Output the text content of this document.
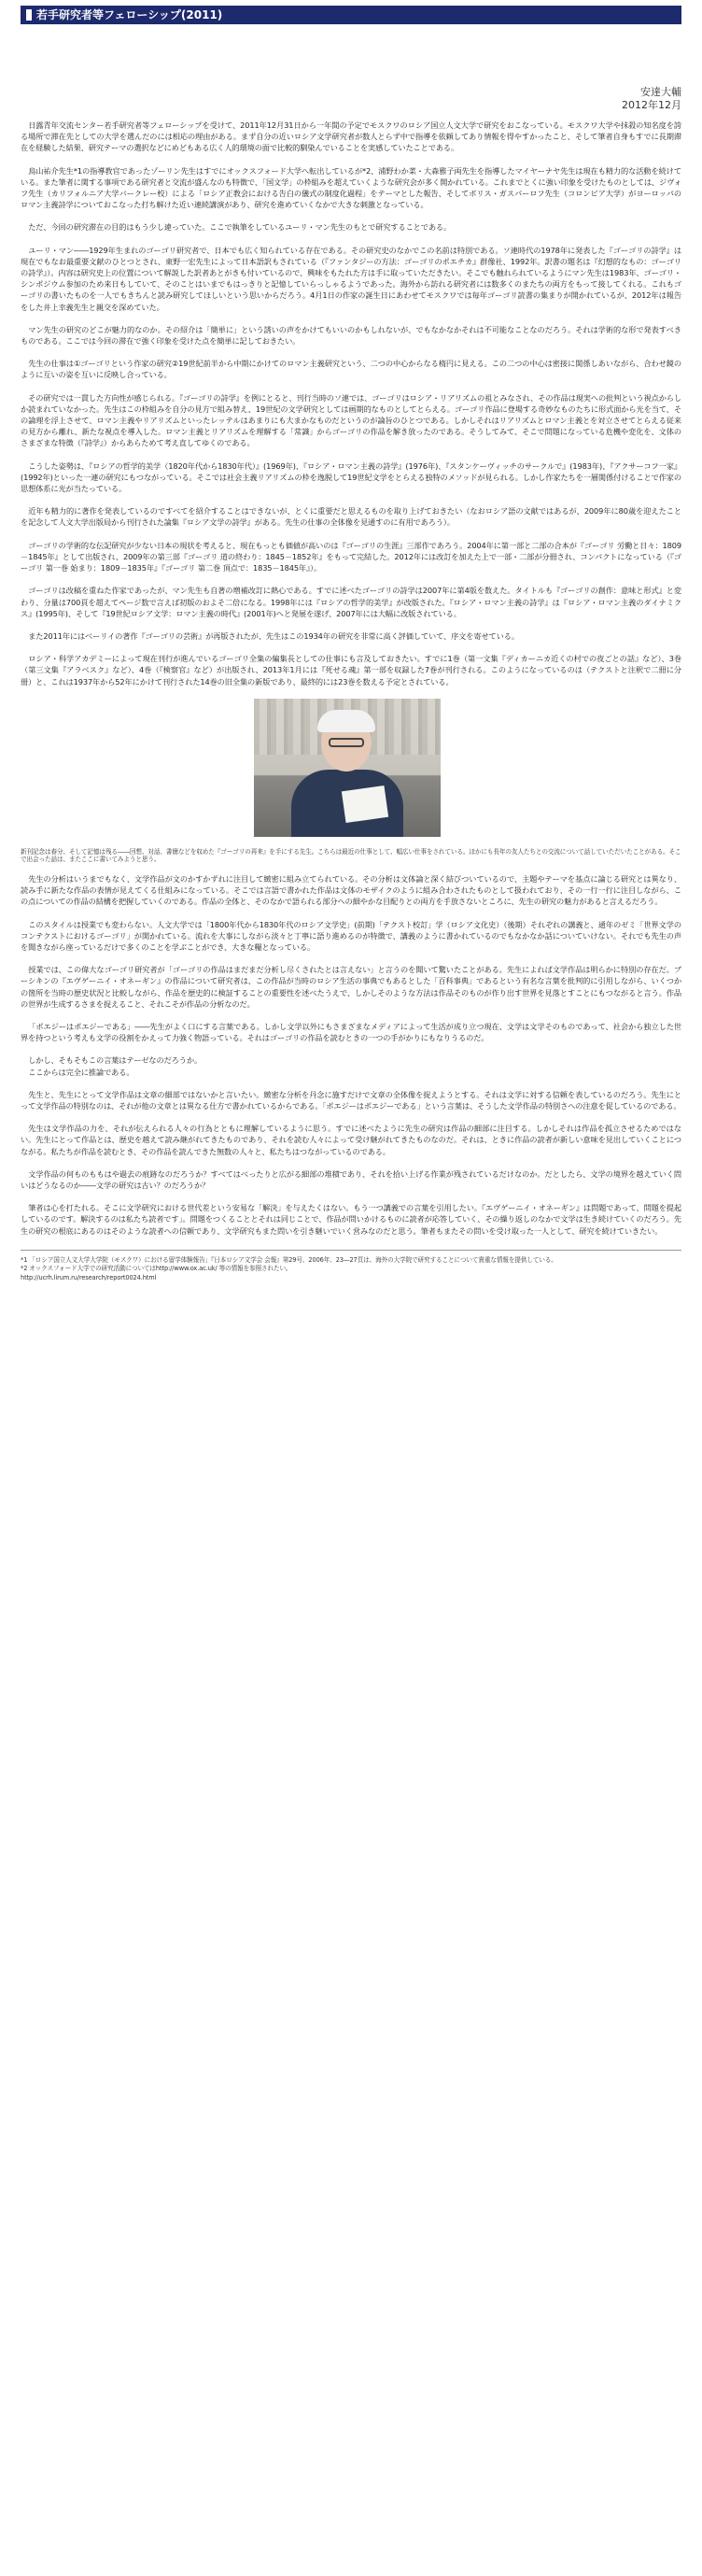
若手研究者等フェローシップ(2011)
安達大輔
2012年12月

日露青年交流センター若手研究者等フェローシップを受けて、2011年12月31日から一年間の予定でモスクワのロシア国立人文大学で研究をおこなっている。モスクワ大学や抹殺の知名度を誇る場所で滞在先としての大学を選んだのには相応の理由がある。まず自分の近いロシア文学研究者が数人とらず中で指導を依頼してあり情報を得やすかったこと、そして筆者自身もすでに長期滞在を経験した結果、研究テーマの選択などにめどもある広く人的環境の面で比較的馴染んでいることを実感していたことである。

鳥山祐介先生*1の指導教官であったゾーリン先生はすでにオックスフォード大学へ転出しているが*2、浦野わか菜・大森雅子両先生を指導したマイヤーナヤ先生は現在も精力的な活動を続けている。また筆者に関する事項である研究者と交流が盛んなのも特徴で、「国文学」の枠組みを超えていくような研究会が多く開かれている。これまでとくに強い印象を受けたものとしては、ジヴォフ先生（カリフォルニア大学バークレー校）による「ロシア正教会における告白の儀式の制度化過程」をテーマとした報告、そしてボリス・ガスパーロフ先生（コロンビア大学）がヨーロッパのロマン主義詩学についておこなった打ち解けた近い連続講演があり、研究を進めていくなかで大きな刺激となっている。

ただ、今回の研究滞在の目的はもう少し違っていた。ここで執筆をしているユーリ・マン先生のもとで研究することである。

ユーリ・マン――1929年生まれのゴーゴリ研究者で、日本でも広く知られている存在である。その研究史のなかでこの名前は特別である。ソ連時代の1978年に発表した『ゴーゴリの詩学』は現在でもなお最重要文献のひとつとされ、東野一宏先生によって日本語訳もされている（『ファンタジーの方法：ゴーゴリのポエチカ』群像社、1992年。訳書の題名は『幻想的なもの：ゴーゴリの詩学』）。内容は研究史上の位置について解説した訳者あとがきも付いているので、興味をもたれた方は手に取っていただきたい。そこでも触れられているようにマン先生は1983年、ゴーゴリ・シンポジウム参加のため来日もしていて、そのことはいまでもはっきりと記憶していらっしゃるようであった。海外から訪れる研究者には数多くのまたちの両方をもって接してくれる。これもゴーゴリの書いたものを一人でもきちんと読み研究してほしいという思いからだろう。4月1日の作家の誕生日にあわせてモスクワでは毎年ゴーゴリ読書の集まりが開かれているが、2012年は報告をした井上幸義先生と親交を深めていた。

マン先生の研究のどこが魅力的なのか。その紹介は「簡単に」という誘いの声をかけてもいいのかもしれないが、でもなかなかそれは不可能なことなのだろう。それは学術的な形で発表すべきものである。ここでは今回の滞在で強く印象を受けた点を簡単に記しておきたい。

先生の仕事は①ゴーゴリという作家の研究②19世紀前半から中期にかけてのロマン主義研究という、二つの中心からなる楕円に見える。この二つの中心は密接に関係しあいながら、合わせ鏡のように互いの姿を互いに反映し合っている。

その研究では一貫した方向性が感じられる。『ゴーゴリの詩学』を例にとると、刊行当時のソ連では、ゴーゴリはロシア・リアリズムの祖とみなされ、その作品は現実への批判という視点からしか読まれていなかった。先生はこの枠組みを自分の見方で組み替え、19世紀の文学研究としては画期的なものとしてとらえる。ゴーゴリ作品に登場する奇妙なものたちに形式面から光を当て、その論理を浮上させて、ロマン主義やリアリズムといったレッテルはあまりにも大まかなものだというのが論旨のひとつである。しかしそれはリアリズムとロマン主義とを対立させてとらえる従来の見方から離れ、新たな視点を導入した。ロマン主義とリアリズムを理解する「常識」からゴーゴリの作品を解き放ったのである。そうしてみて、そこで問題になっている危機や変化を、文体のさまざまな特徴（『詩学』）からあらためて考え直してゆくのである。

こうした姿勢は、『ロシアの哲学的美学（1820年代から1830年代）』(1969年)、『ロシア・ロマン主義の詩学』(1976年)、『スタンケーヴィッチのサークルで』(1983年)、『アクサーコフ一家』(1992年)といった一連の研究にもつながっている。そこでは社会主義リアリズムの枠を逸脱して19世紀文学をとらえる独特のメソッドが見られる。しかし作家たちを一層関係付けることで作家の思想体系に光が当たっている。

近年も精力的に著作を発表しているのですべてを紹介することはできないが、とくに重要だと思えるものを取り上げておきたい（なおロシア語の文献ではあるが、2009年に80歳を迎えたことを記念して人文大学出版局から刊行された論集『ロシア文学の詩学』がある。先生の仕事の全体像を見通すのに有用であろう）。

ゴーゴリの学術的な伝記研究が少ない日本の現状を考えると、現在もっとも価値が高いのは『ゴーゴリの生涯』三部作であろう。2004年に第一部と二部の合本が『ゴーゴリ 労働と日々：1809－1845年』として出版され、2009年の第三部『ゴーゴリ 道の終わり：1845－1852年』をもって完結した。2012年には改訂を加えた上で一部・二部が分冊され、コンパクトになっている（『ゴーゴリ 第一巻 始まり：1809－1835年』『ゴーゴリ 第二巻 頂点で：1835－1845年』）。

ゴーゴリは改稿を重ねた作家であったが、マン先生も自著の増補改訂に熱心である。すでに述べたゴーゴリの詩学は2007年に第4版を数えた。タイトルも『ゴーゴリの創作：意味と形式』と変わり、分量は700頁を超えてページ数で言えば初版のおよそ二倍になる。1998年には『ロシアの哲学的美学』が改版された。『ロシア・ロマン主義の詩学』は『ロシア・ロマン主義のダイナミクス』(1995年)、そして『19世紀ロシア文学：ロマン主義の時代』(2001年)へと発展を遂げ、2007年には大幅に改版されている。

また2011年にはベーリイの著作『ゴーゴリの芸術』が再版されたが、先生はこの1934年の研究を非常に高く評価していて、序文を寄せている。

ロシア・科学アカデミーによって現在刊行が進んでいるゴーゴリ全集の編集長としての仕事にも言及しておきたい。すでに1巻（第一文集『ディカーニカ近くの村での夜ごとの話』など）、3巻（第三文集『アラベスク』など）、4巻（『検察官』など）が出版され、2013年1月には『死せる魂』第一部を収録した7巻が刊行される。このようになっているのは（テクストと注釈で二冊に分冊）と、これは1937年から52年にかけて刊行された14巻の旧全集の新版であり、最終的には23巻を数える予定とされている。

新刊記念は春分、そして記憶は残る――回想、対話、書簡などを収めた『ゴーゴリの再来』を手にする先生。こちらは最近の仕事として、幅広い仕事をされている。ほかにも長年の友人たちとの交流について話していただいたことがある。そこで出会った話は、またここに書いてみようと思う。

先生の分析はいうまでもなく、文学作品が文のかすかずれに注目して緻密に組み立てられている。その分析は文体論と深く結びついているので、主題やテーマを基点に論じる研究とは異なり、読み手に新たな作品の表情が見えてくる仕組みになっている。そこでは言語で書かれた作品は文体のモザイクのように組み合わされたものとして扱われており、その一行一行に注目しながら、この点についての作品の結構を把握していくのである。作品の全体と、そのなかで語られる部分への細やかな目配りとの両方を手放さないところに、先生の研究の魅力があると言えるだろう。

このスタイルは授業でも変わらない。人文大学では「1800年代から1830年代のロシア文学史」(前期)「テクスト校訂」学（ロシア文化史）（後期）それぞれの講義と、通年のゼミ「世界文学のコンテクストにおけるゴーゴリ」が開かれている。流れを大事にしながら淡々と丁寧に語り進めるのが特徴で、講義のように書かれているのでもなかなか話についていけない。それでも先生の声を聞きながら座っているだけで多くのことを学ぶことができ、大きな糧となっている。

授業では、この偉大なゴーゴリ研究者が「ゴーゴリの作品はまだまだ分析し尽くされたとは言えない」と言うのを聞いて驚いたことがある。先生によれば文学作品は明らかに特別の存在だ。ブーシキンの『エヴゲーニイ・オネーギン』の作品について研究者は、この作品が当時のロシア生活の事典でもあるとした「百科事典」であるという有名な言葉を批判的に引用しながら、いくつかの箇所を当時の歴史状況と比較しながら、作品を歴史的に検証することの重要性を述べたうえで、しかしそのような方法は作品そのものが作り出す世界を見落とすことにもつながると言う。作品の世界が生成するさまを捉えること、それこそが作品の分析なのだ。

「ポエジーはポエジーである」――先生がよく口にする言葉である。しかし文学以外にもさまざまなメディアによって生活が成り立つ現在、文学は文学そのものであって、社会から独立した世界を持つという考えも文学の役割をかえって力強く物語っている。それはゴーゴリの作品を読むときの一つの手がかりにもなりうるのだ。

しかし、そもそもこの言葉はテーゼなのだろうか。

ここからは完全に推論である。

先生と、先生にとって文学作品は文章の細部ではないかと言いたい。緻密な分析を丹念に施すだけで文章の全体像を捉えようとする。それは文学に対する信頼を表しているのだろう。先生にとって文学作品の特別なのは、それが他の文章とは異なる仕方で書かれているからである。「ポエジーはポエジーである」という言葉は、そうした文学作品の特別さへの注意を促しているのである。

先生は文学作品の力を、それが伝えられる人々の行為とともに理解しているように思う。すでに述べたように先生の研究は作品の細部に注目する。しかしそれは作品を孤立させるためではない。先生にとって作品とは、歴史を越えて読み継がれてきたものであり、それを読む人々によって受け継がれてきたものなのだ。それは、ときに作品の読者が新しい意味を見出していくことにつながる。私たちが作品を読むとき、その作品を読んできた無数の人々と、私たちはつながっているのである。

文学作品の何ものももはや過去の痕跡なのだろうか？すべてはべったりと広がる細部の堆積であり、それを拾い上げる作業が残されているだけなのか。だとしたら、文学の境界を越えていく問いはどうなるのか――文学の研究は古い？のだろうか？

筆者は心を打たれる。そこに文学研究における世代差という安易な「解決」を与えたくはない。もう一つ講義での言葉を引用したい。『エヴゲーニイ・オネーギン』は問題であって、問題を提起しているのです。解決するのは私たち読者です」。問題をつくることとそれは同じことで、作品が問いかけるものに読者が応答していく、その繰り返しのなかで文学は生き続けていくのだろう。先生の研究の根底にあるのはそのような読者への信頼であり、文学研究もまた問いを引き継いでいく営みなのだと思う。筆者もまたその問いを受け取った一人として、研究を続けていきたい。

*1 「ロシア国立人文大学大学院（モスクワ）における留学体験報告」『日本ロシア文学会 会報』第29号、2006年、23―27頁は、海外の大学院で研究することについて貴重な情報を提供している。
*2 オックスフォード大学での研究活動についてはhttp://www.ox.ac.uk/ 等の情報を参照されたい。
http://ucrh.lirum.ru/research/report0024.html
